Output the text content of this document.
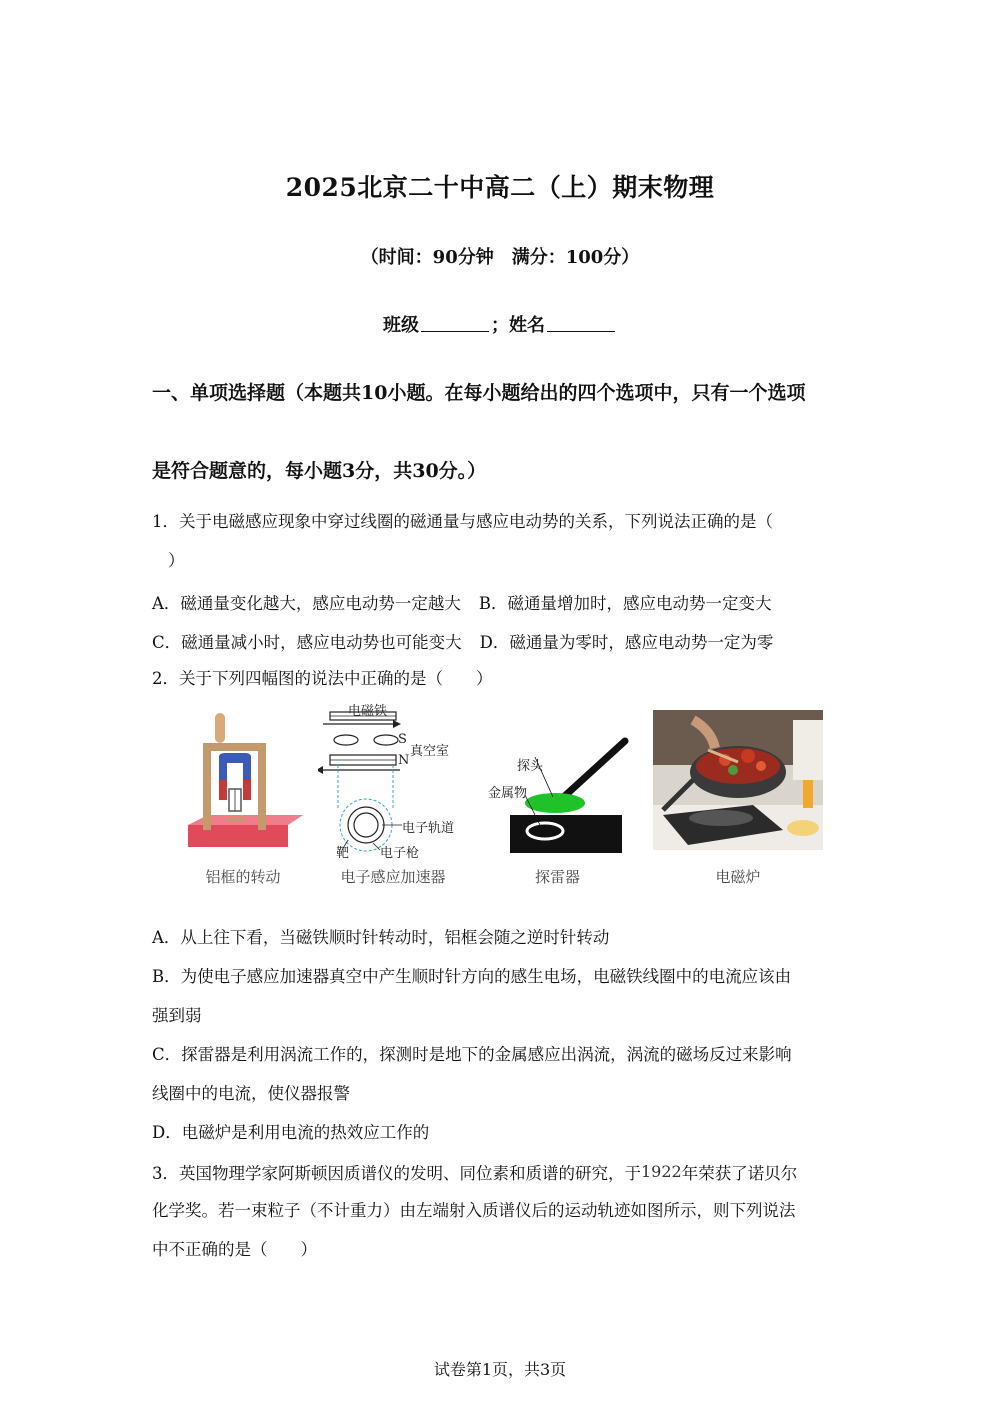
2025北京二十中高二（上）期末物理
（时间：90分钟　满分：100分）
班级	；姓名
一、单项选择题（本题共10小题。在每小题给出的四个选项中，只有一个选项
是符合题意的，每小题3分，共30分。）
1．关于电磁感应现象中穿过线圈的磁通量与感应电动势的关系，下列说法正确的是（
）
A．磁通量变化越大，感应电动势一定越大 B．磁通量增加时，感应电动势一定变大
C．磁通量减小时，感应电动势也可能变大 D．磁通量为零时，感应电动势一定为零
2．关于下列四幅图的说法中正确的是（　　）
铝框的转动
电磁铁
S
真空室
N
电子轨道
靶 电子枪
电子感应加速器
探头
金属物
探雷器	电磁炉
A．从上往下看，当磁铁顺时针转动时，铝框会随之逆时针转动
B．为使电子感应加速器真空中产生顺时针方向的感生电场，电磁铁线圈中的电流应该由
强到弱
C．探雷器是利用涡流工作的，探测时是地下的金属感应出涡流，涡流的磁场反过来影响
线圈中的电流，使仪器报警
D．电磁炉是利用电流的热效应工作的
3．英国物理学家阿斯顿因质谱仪的发明、同位素和质谱的研究，于1922年荣获了诺贝尔
化学奖。若一束粒子（不计重力）由左端射入质谱仪后的运动轨迹如图所示，则下列说法
中不正确的是（　　）
试卷第1页，共3页
